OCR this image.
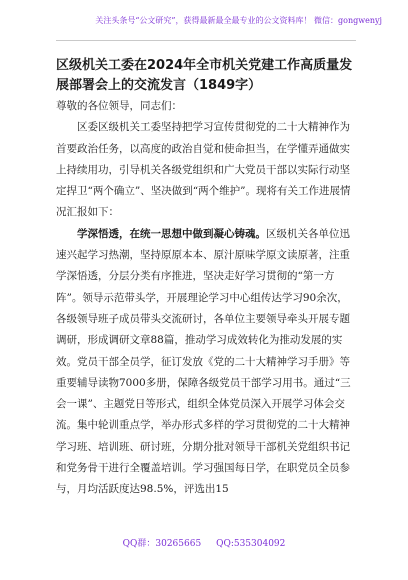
关注头条号“公文研究”，获得最新最全最专业的公文资料库！ 微信：gongwenyj
区级机关工委在2024年全市机关党建工作高质量发展部署会上的交流发言（1849字）

尊敬的各位领导，同志们：

区委区级机关工委坚持把学习宣传贯彻党的二十大精神作为首要政治任务，以高度的政治自觉和使命担当，在学懂弄通做实上持续用功，引导机关各级党组织和广大党员干部以实际行动坚定捍卫“两个确立”、坚决做到“两个维护”。现将有关工作进展情况汇报如下：

学深悟透，在统一思想中做到凝心铸魂。区级机关各单位迅速兴起学习热潮，坚持原原本本、原汁原味学原文读原著，注重学深悟透，分层分类有序推进，坚决走好学习贯彻的“第一方阵”。领导示范带头学，开展理论学习中心组传达学习90余次，各级领导班子成员带头交流研讨，各单位主要领导牵头开展专题调研，形成调研文章88篇，推动学习成效转化为推动发展的实效。党员干部全员学，征订发放《党的二十大精神学习手册》等重要辅导读物7000多册，保障各级党员干部学习用书。通过“三会一课”、主题党日等形式，组织全体党员深入开展学习体会交流。集中轮训重点学，举办形式多样的学习贯彻党的二十大精神学习班、培训班、研讨班，分期分批对领导干部机关党组织书记和党务骨干进行全覆盖培训。学习强国每日学，在职党员全员参与，月均活跃度达98.5%，评选出15

QQ群：30265665 QQ:535304092
